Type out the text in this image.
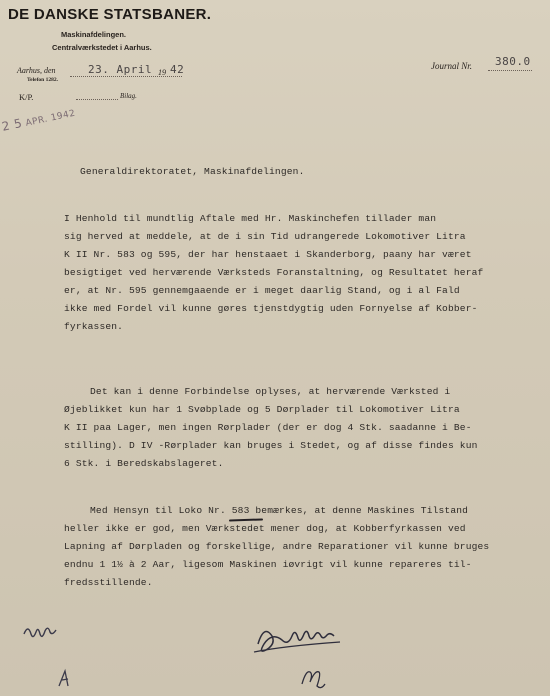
DE DANSKE STATSBANER.
Maskinafdelingen.
Centralværkstedet i Aarhus.
Aarhus, den	23. April 19 42
Telefon 1282.
Journal Nr. 380.0
K/P.	Bilag.
2 5 APR. 1942
Generaldirektoratet, Maskinafdelingen.
I Henhold til mundtlig Aftale med Hr. Maskinchefen tillader man
sig herved at meddele, at de i sin Tid udrangerede Lokomotiver Litra
K II Nr. 583 og 595, der har henstaaet i Skanderborg, paany har været
besigtiget ved herværende Værksteds Foranstaltning, og Resultatet heraf
er, at Nr. 595 gennemgaaende er i meget daarlig Stand, og i al Fald
ikke med Fordel vil kunne gøres tjenstdygtig uden Fornyelse af Kobber-
fyrkassen.
Det kan i denne Forbindelse oplyses, at herværende Værksted i
Øjeblikket kun har 1 Svøbplade og 5 Dørplader til Lokomotiver Litra
K II paa Lager, men ingen Rørplader (der er dog 4 Stk. saadanne i Be-
stilling). D IV -Rørplader kan bruges i Stedet, og af disse findes kun
6 Stk. i Beredskabslageret.
Med Hensyn til Loko Nr. 583 bemærkes, at denne Maskines Tilstand
heller ikke er god, men Værkstedet mener dog, at Kobberfyrkassen ved
Lapning af Dørpladen og forskellige, andre Reparationer vil kunne bruges
endnu 1 1½ à 2 Aar, ligesom Maskinen iøvrigt vil kunne repareres til-
fredsstillende.
